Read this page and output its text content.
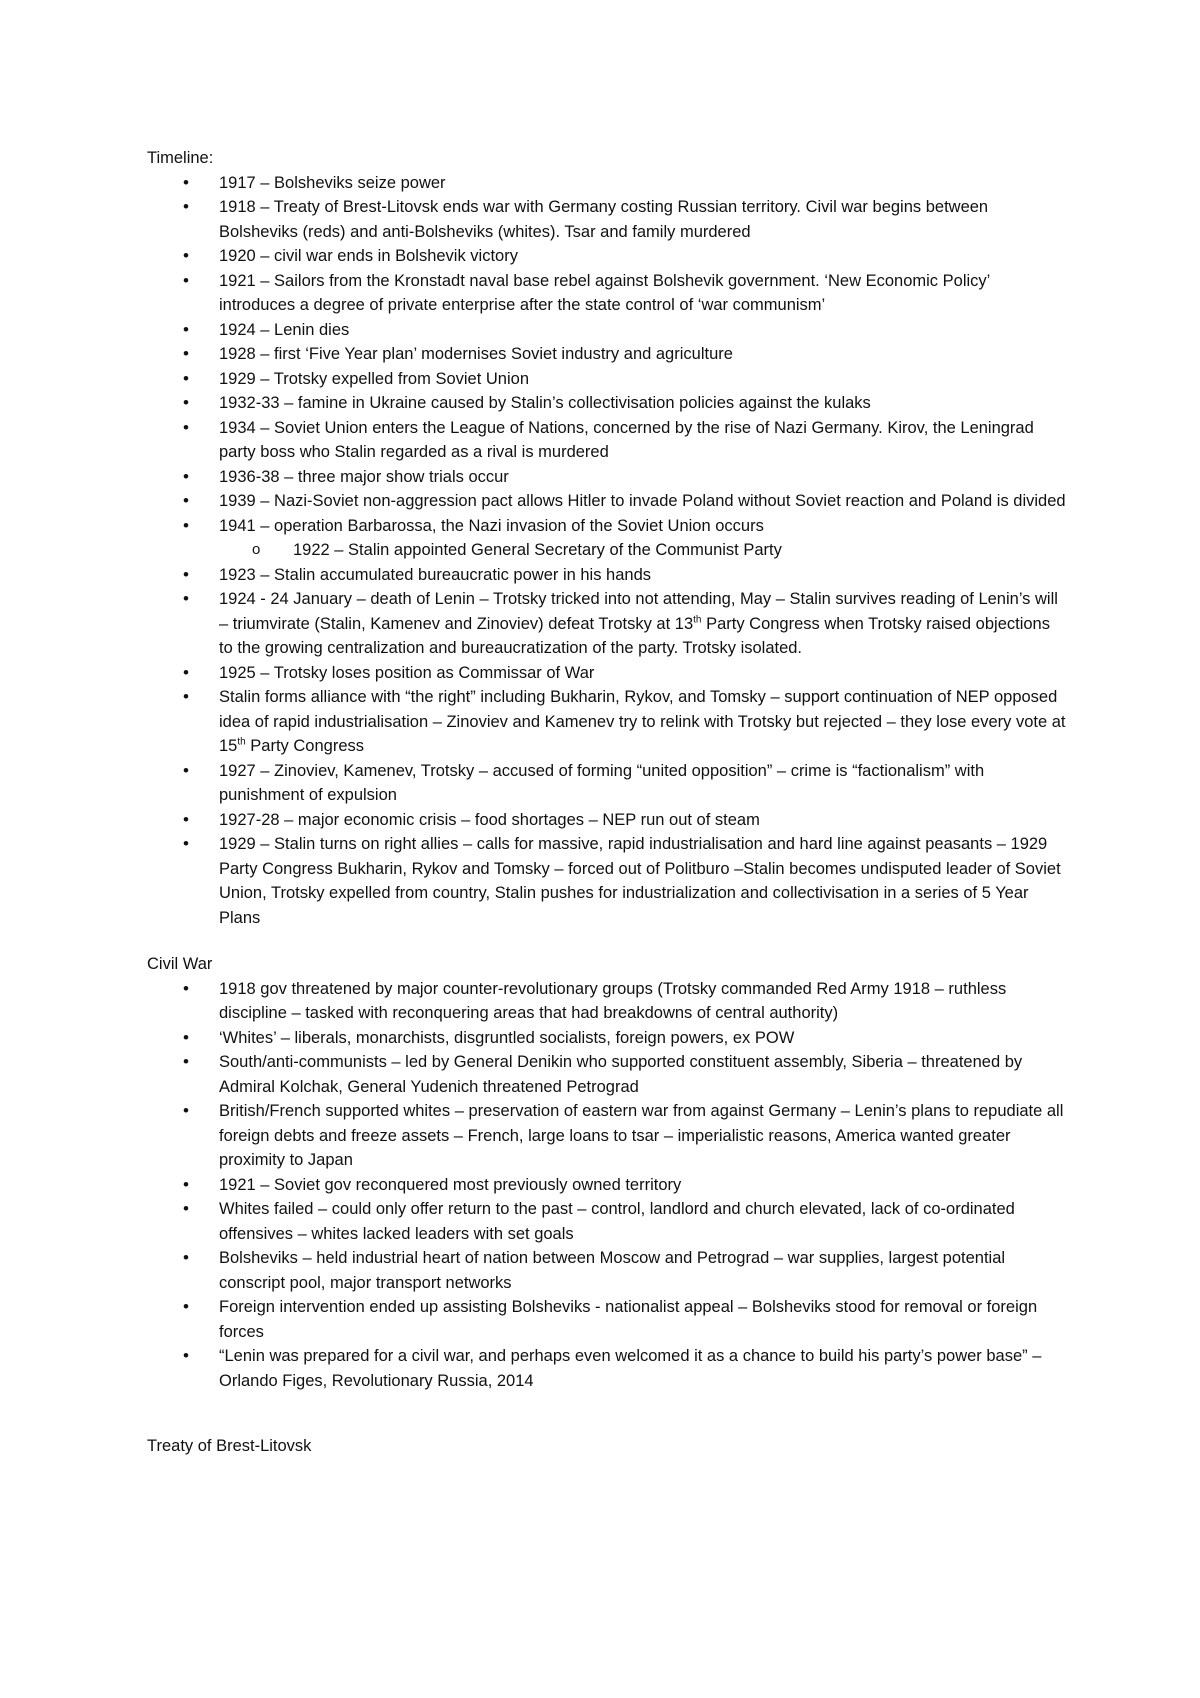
Timeline:

• 1917 – Bolsheviks seize power
• 1918 – Treaty of Brest-Litovsk ends war with Germany costing Russian territory. Civil war begins between Bolsheviks (reds) and anti-Bolsheviks (whites). Tsar and family murdered
• 1920 – civil war ends in Bolshevik victory
• 1921 – Sailors from the Kronstadt naval base rebel against Bolshevik government. ‘New Economic Policy’ introduces a degree of private enterprise after the state control of ‘war communism’
• 1924 – Lenin dies
• 1928 – first ‘Five Year plan’ modernises Soviet industry and agriculture
• 1929 – Trotsky expelled from Soviet Union
• 1932-33 – famine in Ukraine caused by Stalin’s collectivisation policies against the kulaks
• 1934 – Soviet Union enters the League of Nations, concerned by the rise of Nazi Germany. Kirov, the Leningrad party boss who Stalin regarded as a rival is murdered
• 1936-38 – three major show trials occur
• 1939 – Nazi-Soviet non-aggression pact allows Hitler to invade Poland without Soviet reaction and Poland is divided
• 1941 – operation Barbarossa, the Nazi invasion of the Soviet Union occurs
o 1922 – Stalin appointed General Secretary of the Communist Party
• 1923 – Stalin accumulated bureaucratic power in his hands
• 1924 - 24 January – death of Lenin – Trotsky tricked into not attending, May – Stalin survives reading of Lenin’s will – triumvirate (Stalin, Kamenev and Zinoviev) defeat Trotsky at 13th Party Congress when Trotsky raised objections to the growing centralization and bureaucratization of the party. Trotsky isolated.
• 1925 – Trotsky loses position as Commissar of War
• Stalin forms alliance with “the right” including Bukharin, Rykov, and Tomsky – support continuation of NEP opposed idea of rapid industrialisation – Zinoviev and Kamenev try to relink with Trotsky but rejected – they lose every vote at 15th Party Congress
• 1927 – Zinoviev, Kamenev, Trotsky – accused of forming “united opposition” – crime is “factionalism” with punishment of expulsion
• 1927-28 – major economic crisis – food shortages – NEP run out of steam
• 1929 – Stalin turns on right allies – calls for massive, rapid industrialisation and hard line against peasants – 1929 Party Congress Bukharin, Rykov and Tomsky – forced out of Politburo –Stalin becomes undisputed leader of Soviet Union, Trotsky expelled from country, Stalin pushes for industrialization and collectivisation in a series of 5 Year Plans

Civil War

• 1918 gov threatened by major counter-revolutionary groups (Trotsky commanded Red Army 1918 – ruthless discipline – tasked with reconquering areas that had breakdowns of central authority)
• ‘Whites’ – liberals, monarchists, disgruntled socialists, foreign powers, ex POW
• South/anti-communists – led by General Denikin who supported constituent assembly, Siberia – threatened by Admiral Kolchak, General Yudenich threatened Petrograd
• British/French supported whites – preservation of eastern war from against Germany – Lenin’s plans to repudiate all foreign debts and freeze assets – French, large loans to tsar – imperialistic reasons, America wanted greater proximity to Japan
• 1921 – Soviet gov reconquered most previously owned territory
• Whites failed – could only offer return to the past – control, landlord and church elevated, lack of co-ordinated offensives – whites lacked leaders with set goals
• Bolsheviks – held industrial heart of nation between Moscow and Petrograd – war supplies, largest potential conscript pool, major transport networks
• Foreign intervention ended up assisting Bolsheviks - nationalist appeal – Bolsheviks stood for removal or foreign forces
• “Lenin was prepared for a civil war, and perhaps even welcomed it as a chance to build his party’s power base” – Orlando Figes, Revolutionary Russia, 2014

Treaty of Brest-Litovsk
